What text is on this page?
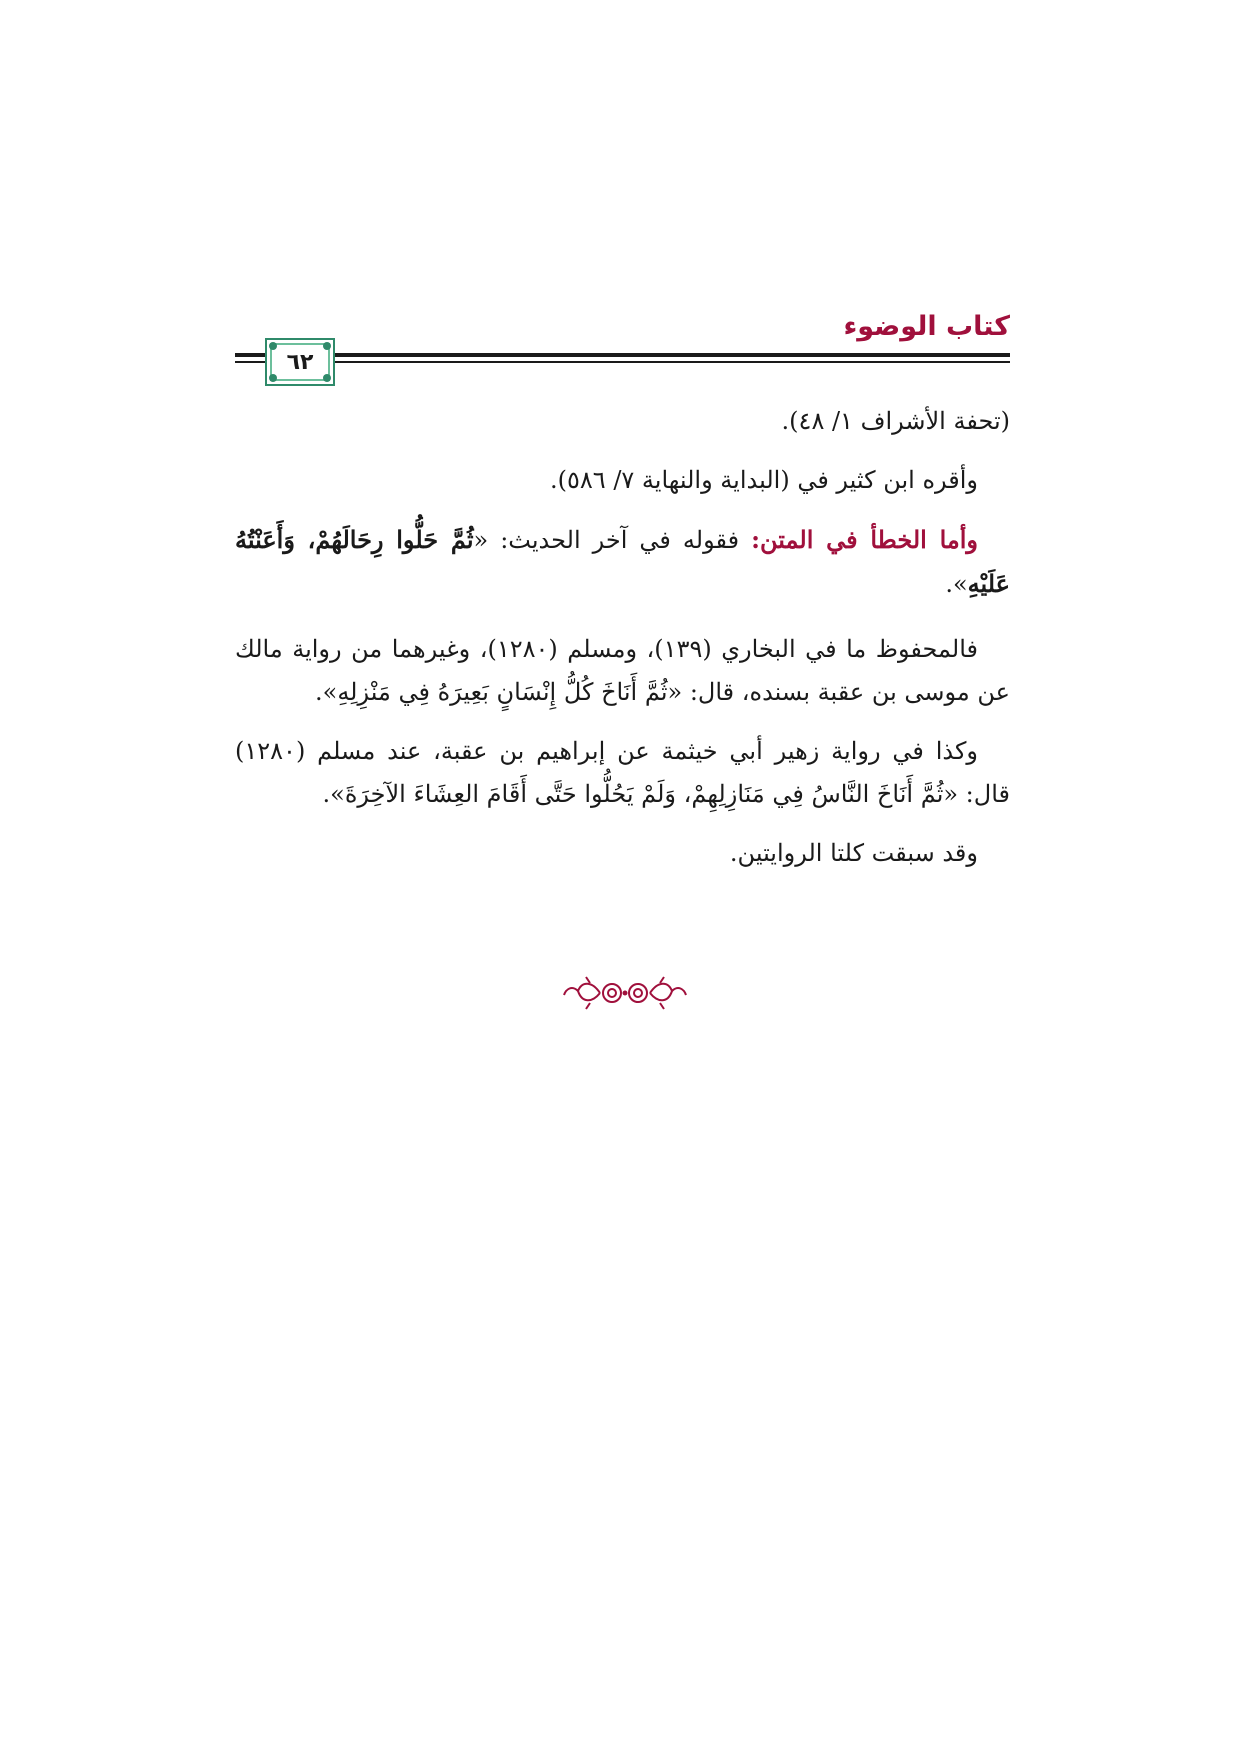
كتاب الوضوء
٦٢

(تحفة الأشراف ١/ ٤٨).

وأقره ابن كثير في (البداية والنهاية ٧/ ٥٨٦).

وأما الخطأ في المتن: فقوله في آخر الحديث: «ثُمَّ حَلُّوا رِحَالَهُمْ، وَأَعَنْتُهُ عَلَيْهِ».

فالمحفوظ ما في البخاري (١٣٩)، ومسلم (١٢٨٠)، وغيرهما من رواية مالك عن موسى بن عقبة بسنده، قال: «ثُمَّ أَنَاخَ كُلُّ إِنْسَانٍ بَعِيرَهُ فِي مَنْزِلِهِ».

وكذا في رواية زهير أبي خيثمة عن إبراهيم بن عقبة، عند مسلم (١٢٨٠) قال: «ثُمَّ أَنَاخَ النَّاسُ فِي مَنَازِلِهِمْ، وَلَمْ يَحُلُّوا حَتَّى أَقَامَ العِشَاءَ الآخِرَةَ».

وقد سبقت كلتا الروايتين.
